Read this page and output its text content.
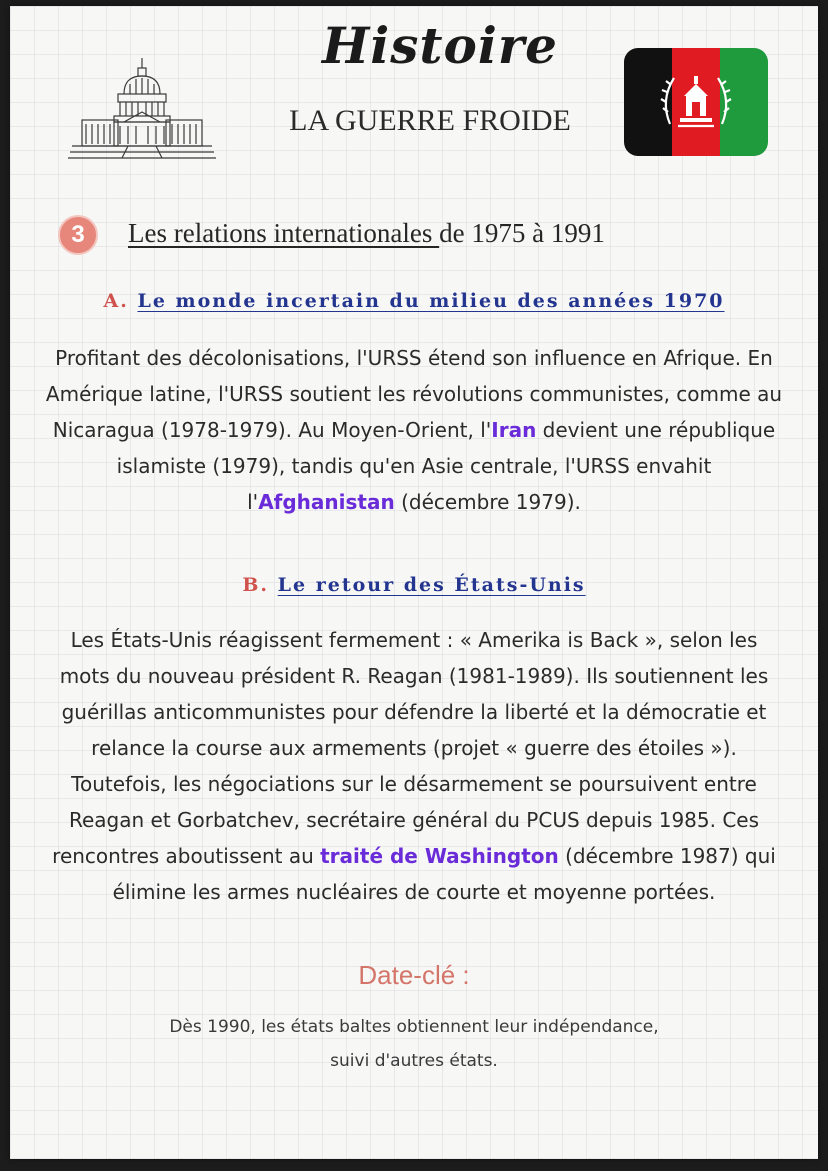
Histoire
LA GUERRE FROIDE
3	Les relations internationales de 1975 à 1991
A. Le monde incertain du milieu des années 1970
Profitant des décolonisations, l'URSS étend son influence en Afrique. En Amérique latine, l'URSS soutient les révolutions communistes, comme au Nicaragua (1978-1979). Au Moyen-Orient, l'Iran devient une république islamiste (1979), tandis qu'en Asie centrale, l'URSS envahit l'Afghanistan (décembre 1979).
B. Le retour des États-Unis
Les États-Unis réagissent fermement : « Amerika is Back », selon les mots du nouveau président R. Reagan (1981-1989). Ils soutiennent les guérillas anticommunistes pour défendre la liberté et la démocratie et relance la course aux armements (projet « guerre des étoiles »). Toutefois, les négociations sur le désarmement se poursuivent entre Reagan et Gorbatchev, secrétaire général du PCUS depuis 1985. Ces rencontres aboutissent au traité de Washington (décembre 1987) qui élimine les armes nucléaires de courte et moyenne portées.
Date-clé :
Dès 1990, les états baltes obtiennent leur indépendance, suivi d'autres états.
